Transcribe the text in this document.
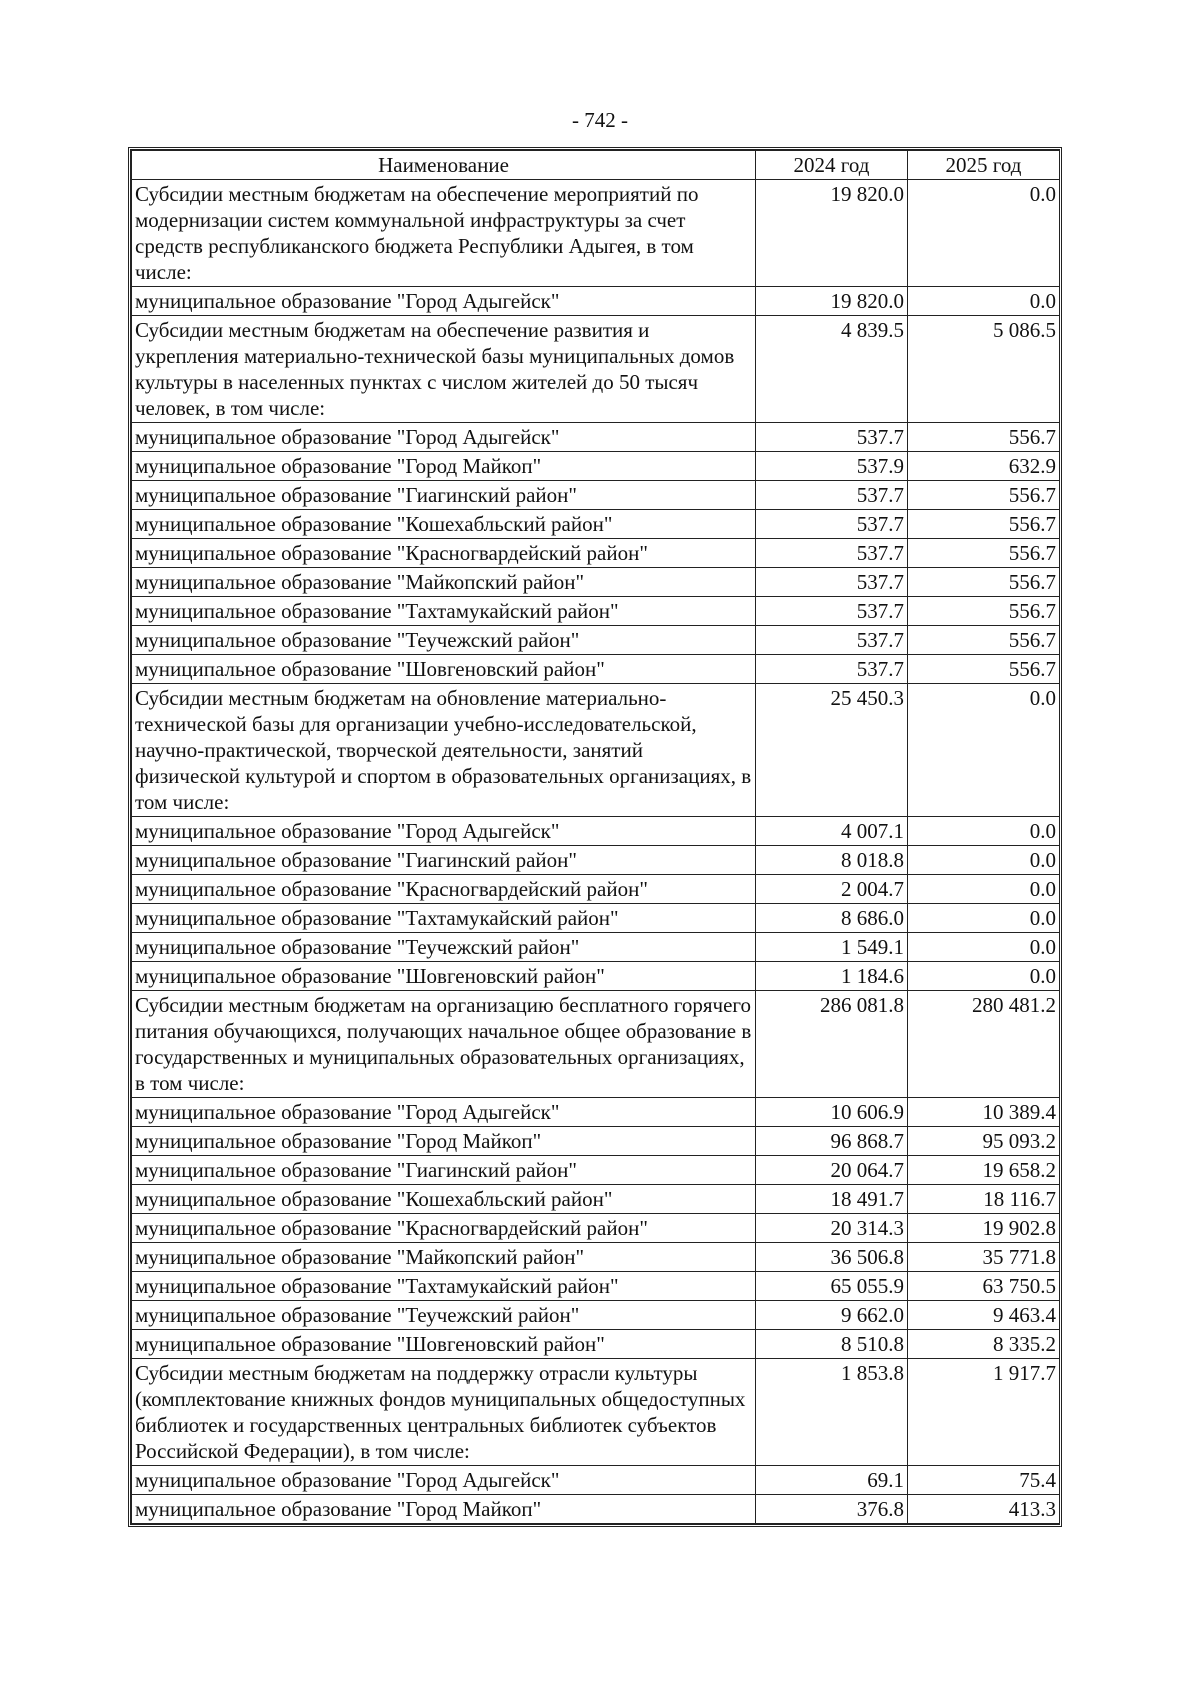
- 742 -
Наименование	2024 год	2025 год
Субсидии местным бюджетам на обеспечение мероприятий по модернизации систем коммунальной инфраструктуры за счет средств республиканского бюджета Республики Адыгея, в том числе:	19 820.0	0.0
муниципальное образование "Город Адыгейск"	19 820.0	0.0
Субсидии местным бюджетам на обеспечение развития и укрепления материально-технической базы муниципальных домов культуры в населенных пунктах с числом жителей до 50 тысяч человек, в том числе:	4 839.5	5 086.5
муниципальное образование "Город Адыгейск"	537.7	556.7
муниципальное образование "Город Майкоп"	537.9	632.9
муниципальное образование "Гиагинский район"	537.7	556.7
муниципальное образование "Кошехабльский район"	537.7	556.7
муниципальное образование "Красногвардейский район"	537.7	556.7
муниципальное образование "Майкопский район"	537.7	556.7
муниципальное образование "Тахтамукайский район"	537.7	556.7
муниципальное образование "Теучежский район"	537.7	556.7
муниципальное образование "Шовгеновский район"	537.7	556.7
Субсидии местным бюджетам на обновление материально-технической базы для организации учебно-исследовательской, научно-практической, творческой деятельности, занятий физической культурой и спортом в образовательных организациях, в том числе:	25 450.3	0.0
муниципальное образование "Город Адыгейск"	4 007.1	0.0
муниципальное образование "Гиагинский район"	8 018.8	0.0
муниципальное образование "Красногвардейский район"	2 004.7	0.0
муниципальное образование "Тахтамукайский район"	8 686.0	0.0
муниципальное образование "Теучежский район"	1 549.1	0.0
муниципальное образование "Шовгеновский район"	1 184.6	0.0
Субсидии местным бюджетам на организацию бесплатного горячего питания обучающихся, получающих начальное общее образование в государственных и муниципальных образовательных организациях, в том числе:	286 081.8	280 481.2
муниципальное образование "Город Адыгейск"	10 606.9	10 389.4
муниципальное образование "Город Майкоп"	96 868.7	95 093.2
муниципальное образование "Гиагинский район"	20 064.7	19 658.2
муниципальное образование "Кошехабльский район"	18 491.7	18 116.7
муниципальное образование "Красногвардейский район"	20 314.3	19 902.8
муниципальное образование "Майкопский район"	36 506.8	35 771.8
муниципальное образование "Тахтамукайский район"	65 055.9	63 750.5
муниципальное образование "Теучежский район"	9 662.0	9 463.4
муниципальное образование "Шовгеновский район"	8 510.8	8 335.2
Субсидии местным бюджетам на поддержку отрасли культуры (комплектование книжных фондов муниципальных общедоступных библиотек и государственных центральных библиотек субъектов Российской Федерации), в том числе:	1 853.8	1 917.7
муниципальное образование "Город Адыгейск"	69.1	75.4
муниципальное образование "Город Майкоп"	376.8	413.3
